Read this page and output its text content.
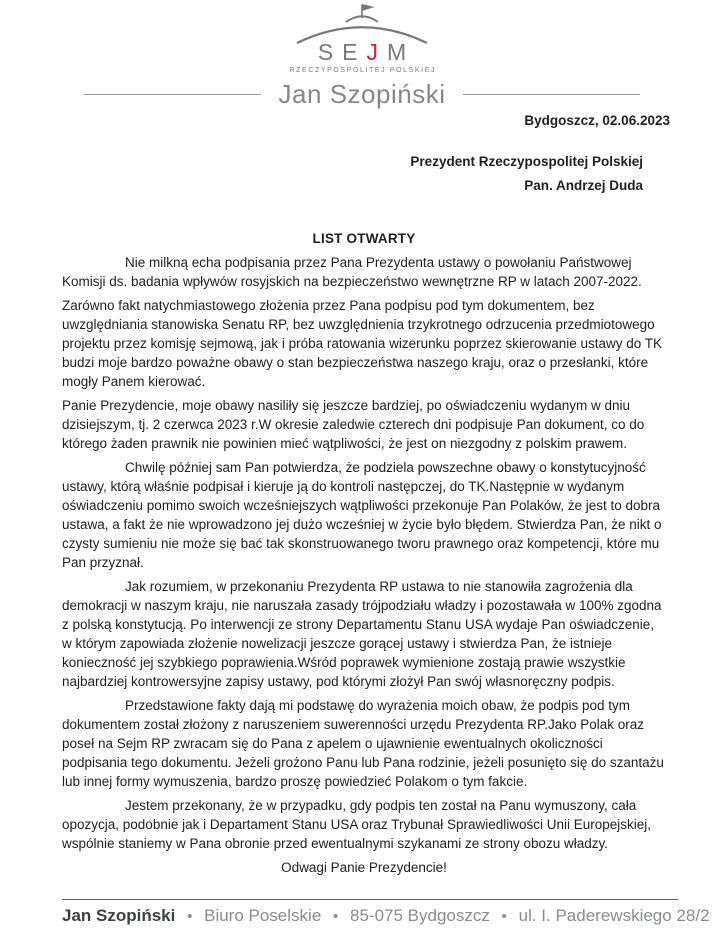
SEJM
RZECZYPOSPOLITEJ POLSKIEJ
Jan Szopiński
Bydgoszcz, 02.06.2023
Prezydent Rzeczypospolitej Polskiej
Pan. Andrzej Duda
LIST OTWARTY

Nie milkną echa podpisania przez Pana Prezydenta ustawy o powołaniu Państwowej Komisji ds. badania wpływów rosyjskich na bezpieczeństwo wewnętrzne RP w latach 2007-2022.

Zarówno fakt natychmiastowego złożenia przez Pana podpisu pod tym dokumentem, bez uwzględniania stanowiska Senatu RP, bez uwzględnienia trzykrotnego odrzucenia przedmiotowego projektu przez komisję sejmową, jak i próba ratowania wizerunku poprzez skierowanie ustawy do TK budzi moje bardzo poważne obawy o stan bezpieczeństwa naszego kraju, oraz o przesłanki, które mogły Panem kierować.

Panie Prezydencie, moje obawy nasiliły się jeszcze bardziej, po oświadczeniu wydanym w dniu dzisiejszym, tj. 2 czerwca 2023 r.W okresie zaledwie czterech dni podpisuje Pan dokument, co do którego żaden prawnik nie powinien mieć wątpliwości, że jest on niezgodny z polskim prawem.

Chwilę później sam Pan potwierdza, że podziela powszechne obawy o konstytucyjność ustawy, którą właśnie podpisał i kieruje ją do kontroli następczej, do TK.Następnie w wydanym oświadczeniu pomimo swoich wcześniejszych wątpliwości przekonuje Pan Polaków, że jest to dobra ustawa, a fakt że nie wprowadzono jej dużo wcześniej w życie było błędem. Stwierdza Pan, że nikt o czysty sumieniu nie może się bać tak skonstruowanego tworu prawnego oraz kompetencji, które mu Pan przyznał.

Jak rozumiem, w przekonaniu Prezydenta RP ustawa to nie stanowiła zagrożenia dla demokracji w naszym kraju, nie naruszała zasady trójpodziału władzy i pozostawała w 100% zgodna z polską konstytucją. Po interwencji ze strony Departamentu Stanu USA wydaje Pan oświadczenie, w którym zapowiada złożenie nowelizacji jeszcze gorącej ustawy i stwierdza Pan, że istnieje konieczność jej szybkiego poprawienia.Wśród poprawek wymienione zostają prawie wszystkie najbardziej kontrowersyjne zapisy ustawy, pod którymi złożył Pan swój własnoręczny podpis.

Przedstawione fakty dają mi podstawę do wyrażenia moich obaw, że podpis pod tym dokumentem został złożony z naruszeniem suwerenności urzędu Prezydenta RP.Jako Polak oraz poseł na Sejm RP zwracam się do Pana z apelem o ujawnienie ewentualnych okoliczności podpisania tego dokumentu. Jeżeli grożono Panu lub Pana rodzinie, jeżeli posunięto się do szantażu lub innej formy wymuszenia, bardzo proszę powiedzieć Polakom o tym fakcie.

Jestem przekonany, że w przypadku, gdy podpis ten został na Panu wymuszony, cała opozycja, podobnie jak i Departament Stanu USA oraz Trybunał Sprawiedliwości Unii Europejskiej, wspólnie staniemy w Pana obronie przed ewentualnymi szykanami ze strony obozu władzy.

Odwagi Panie Prezydencie!
Jan Szopiński • Biuro Poselskie • 85-075 Bydgoszcz • ul. I. Paderewskiego 28/2
